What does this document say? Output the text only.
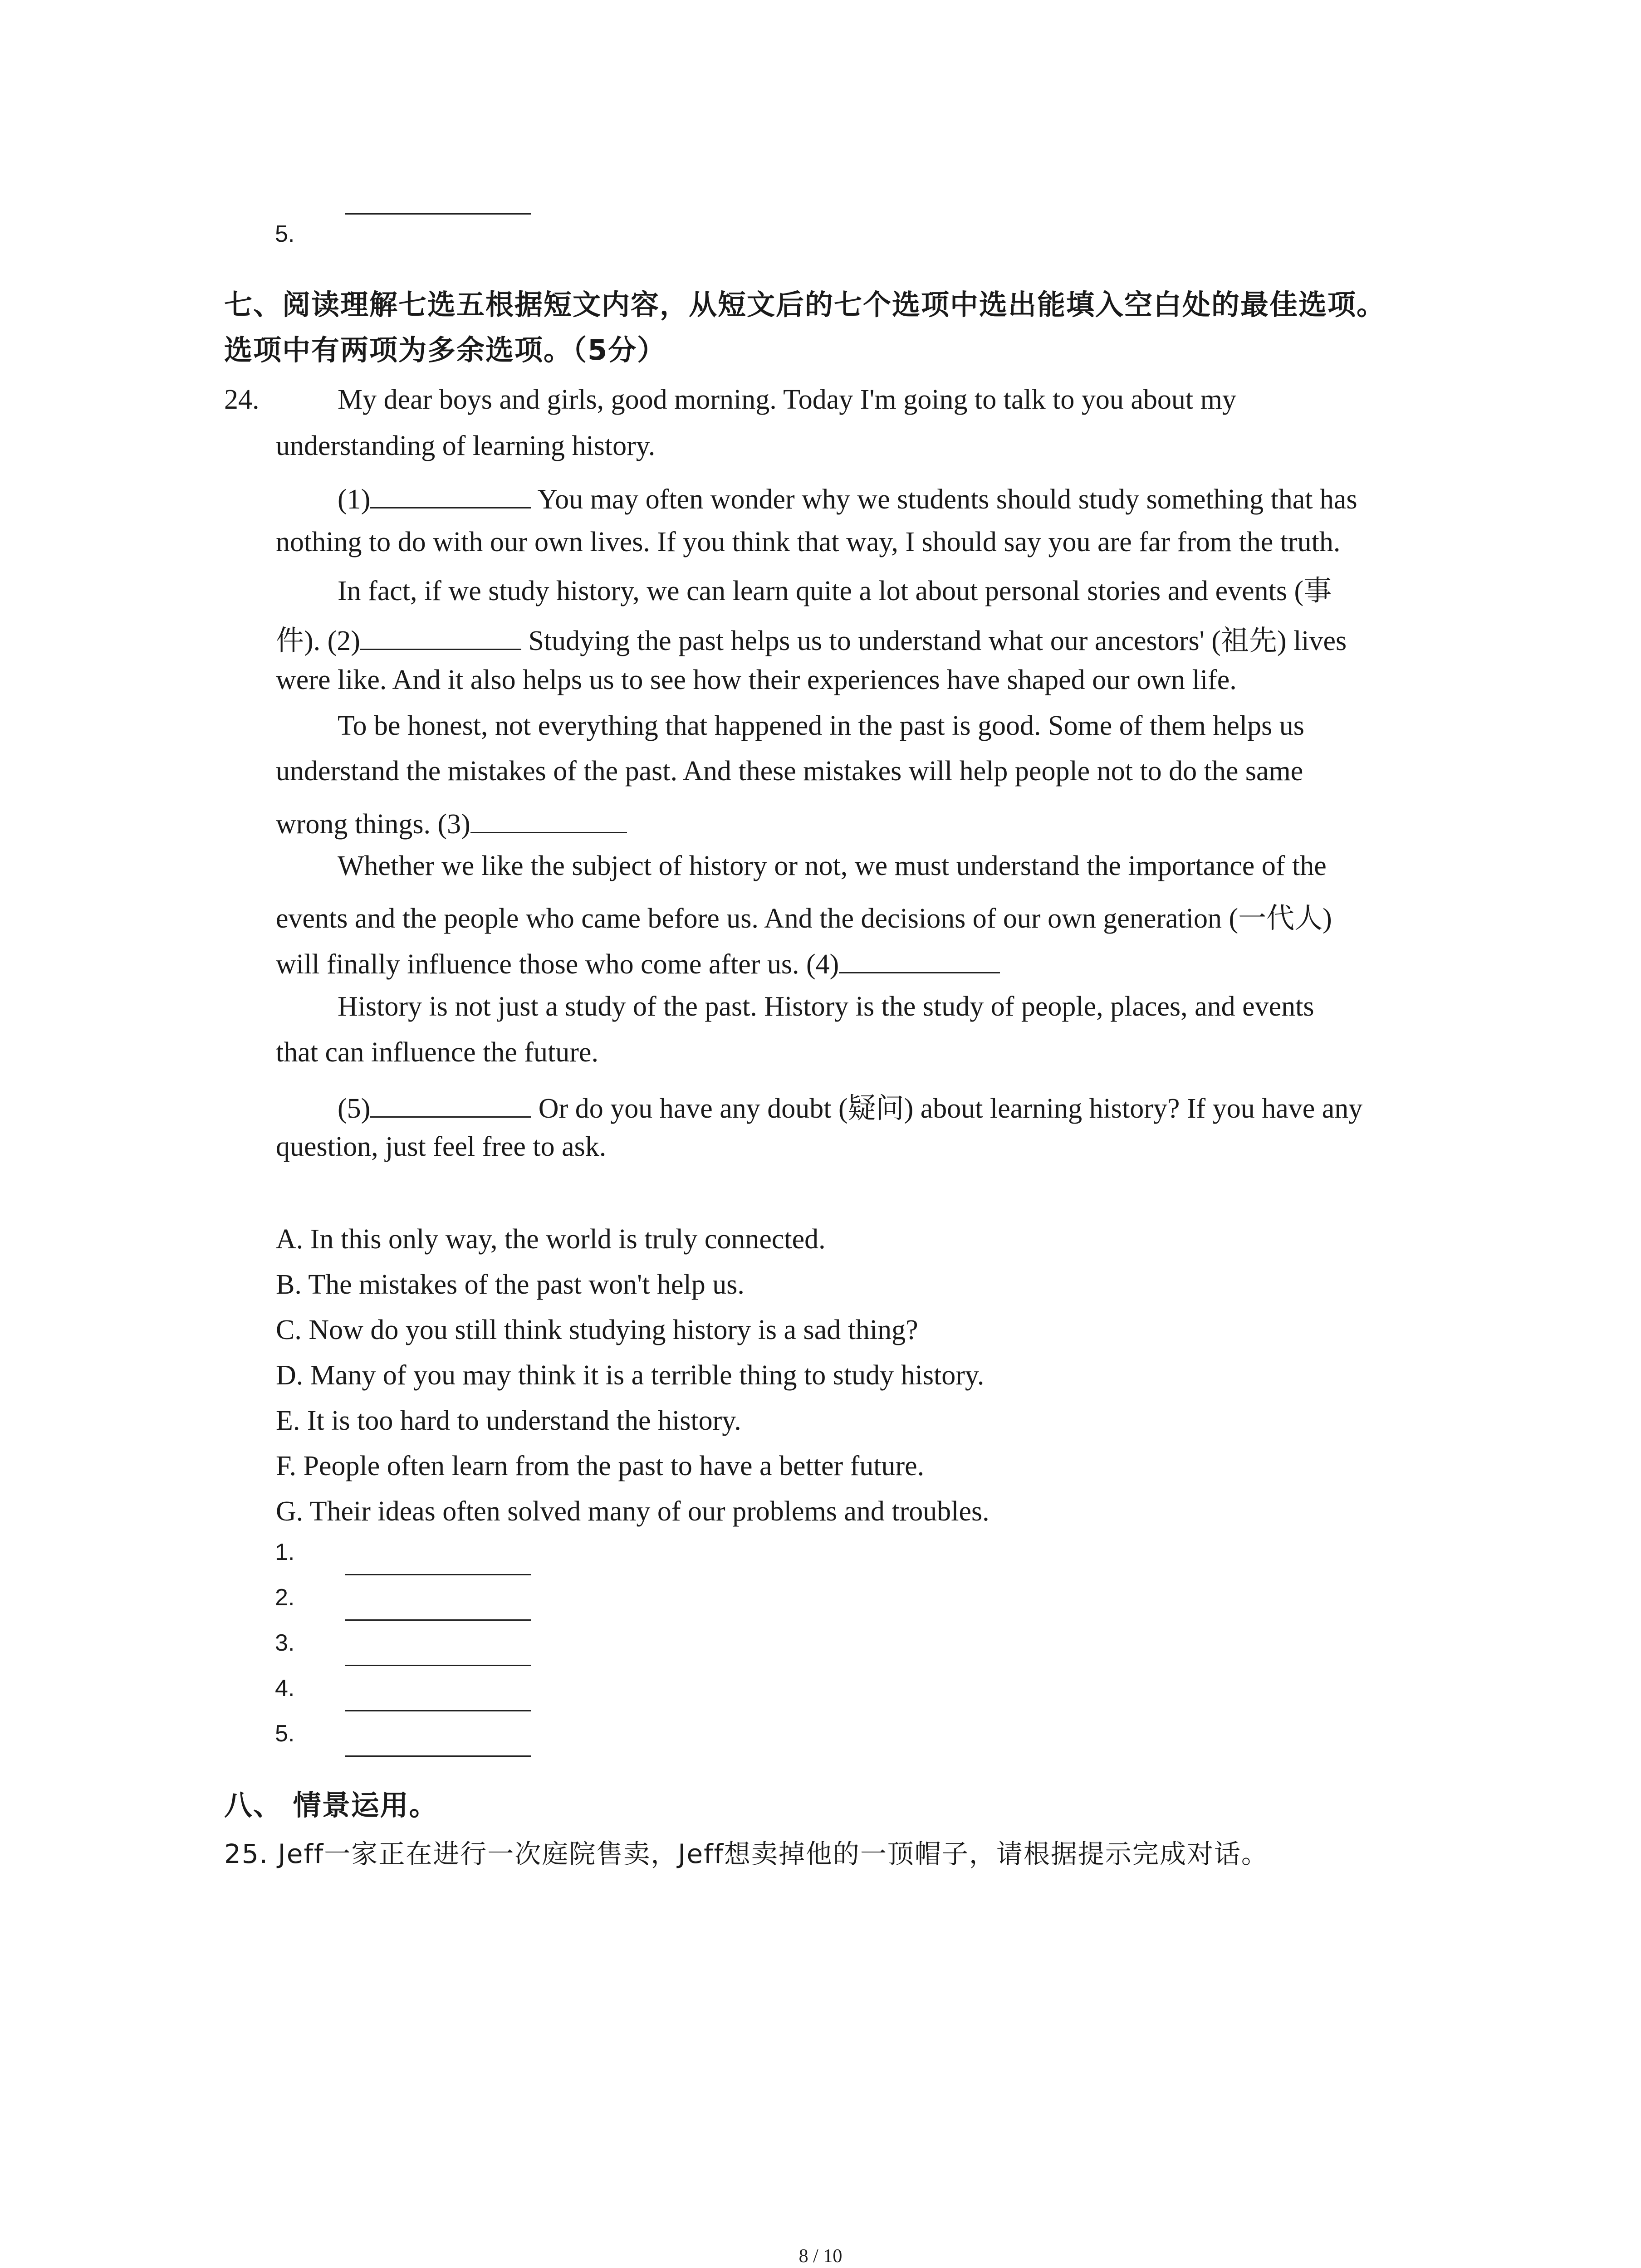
5.
七、阅读理解七选五根据短文内容，从短文后的七个选项中选出能填入空白处的最佳选项。
选项中有两项为多余选项。（5分）
24.	My dear boys and girls, good morning. Today I'm going to talk to you about my
understanding of learning history.
(1)	You may often wonder why we students should study something that has
nothing to do with our own lives. If you think that way, I should say you are far from the truth.
In fact, if we study history, we can learn quite a lot about personal stories and events (事
件). (2)	Studying the past helps us to understand what our ancestors' (祖先) lives
were like. And it also helps us to see how their experiences have shaped our own life.
To be honest, not everything that happened in the past is good. Some of them helps us
understand the mistakes of the past. And these mistakes will help people not to do the same
wrong things. (3)
Whether we like the subject of history or not, we must understand the importance of the
events and the people who came before us. And the decisions of our own generation (一代人)
will finally influence those who come after us. (4)
History is not just a study of the past. History is the study of people, places, and events
that can influence the future.
(5)	Or do you have any doubt (疑问) about learning history? If you have any
question, just feel free to ask.
A. In this only way, the world is truly connected.
B. The mistakes of the past won't help us.
C. Now do you still think studying history is a sad thing?
D. Many of you may think it is a terrible thing to study history.
E. It is too hard to understand the history.
F. People often learn from the past to have a better future.
G. Their ideas often solved many of our problems and troubles.
1.
2.
3.
4.
5.
八、 情景运用。
25. Jeff一家正在进行一次庭院售卖，Jeff想卖掉他的一顶帽子，请根据提示完成对话。
8 / 10
